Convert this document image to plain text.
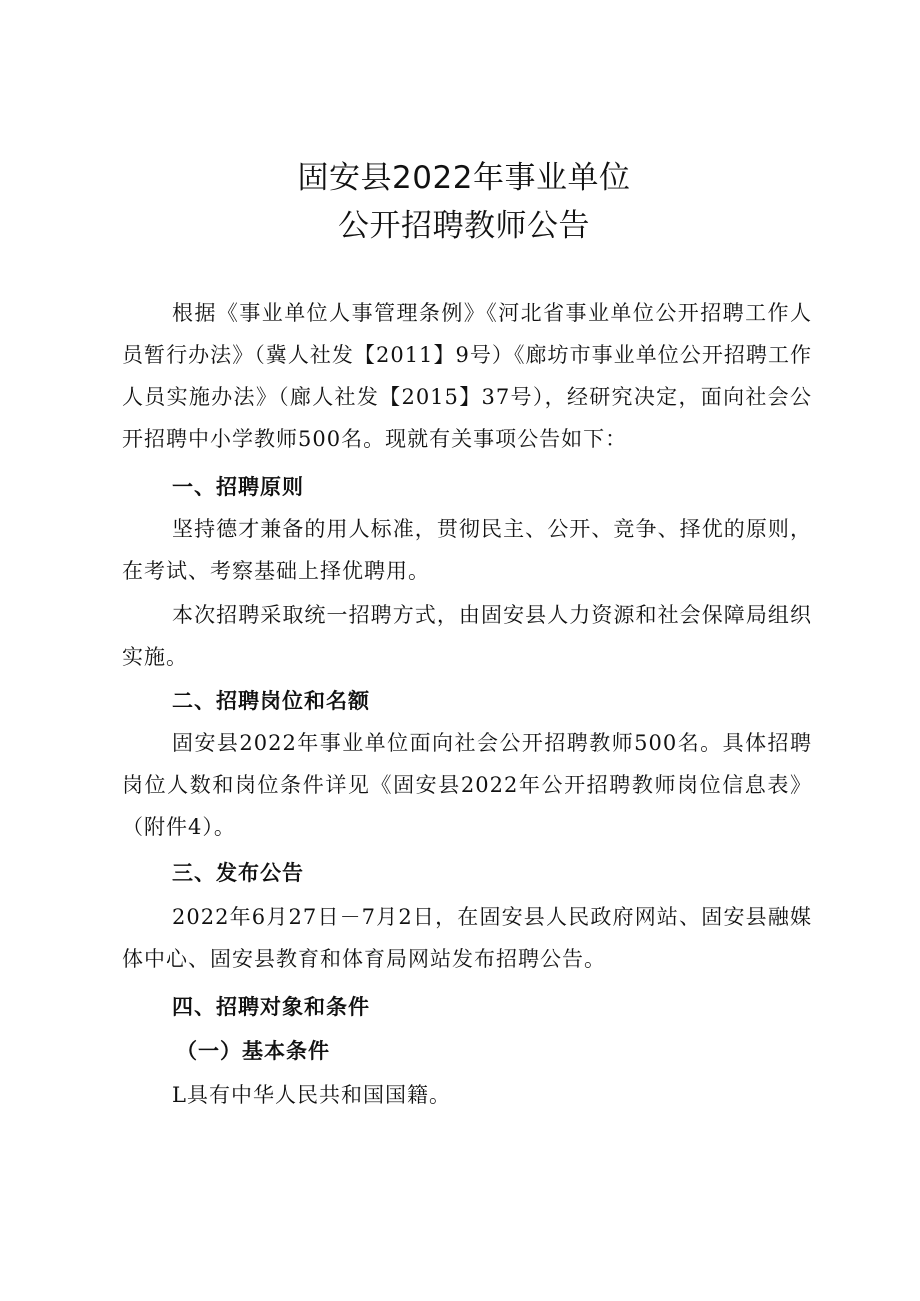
固安县2022年事业单位
公开招聘教师公告

根据《事业单位人事管理条例》《河北省事业单位公开招聘工作人员暂行办法》（冀人社发【2011】9号）《廊坊市事业单位公开招聘工作人员实施办法》（廊人社发【2015】37号），经研究决定，面向社会公开招聘中小学教师500名。现就有关事项公告如下：

一、招聘原则

坚持德才兼备的用人标准，贯彻民主、公开、竞争、择优的原则，在考试、考察基础上择优聘用。

本次招聘采取统一招聘方式，由固安县人力资源和社会保障局组织实施。

二、招聘岗位和名额

固安县2022年事业单位面向社会公开招聘教师500名。具体招聘岗位人数和岗位条件详见《固安县2022年公开招聘教师岗位信息表》（附件4）。

三、发布公告

2022年6月27日－7月2日，在固安县人民政府网站、固安县融媒体中心、固安县教育和体育局网站发布招聘公告。

四、招聘对象和条件
（一）基本条件

L具有中华人民共和国国籍。
